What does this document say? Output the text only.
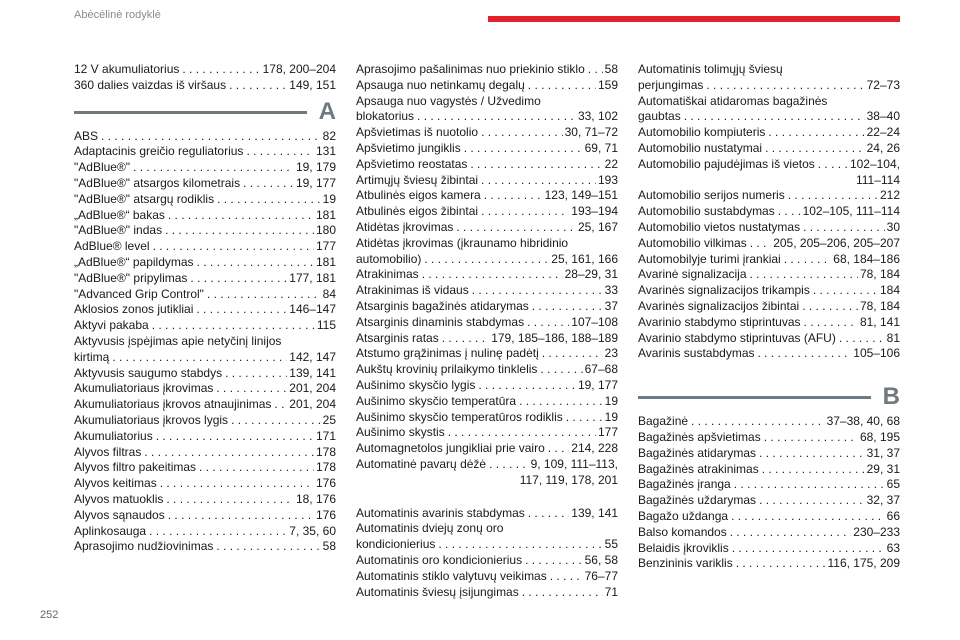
Abėcėlinė rodyklė
12 V akumuliatorius . . .	178, 200–204
360 dalies vaizdas iš viršaus . . .	149, 151
A
ABS . . .	82
Adaptacinis greičio reguliatorius . . .	131
"AdBlue®" . . .	19, 179
"AdBlue®" atsargos kilometrais . . .	19, 177
"AdBlue®" atsargų rodiklis . . .	19
„AdBlue®“ bakas . . .	181
"AdBlue®" indas . . .	180
AdBlue® level . . .	177
„AdBlue®“ papildymas . . .	181
"AdBlue®" pripylimas . . .	177, 181
"Advanced Grip Control" . . .	84
Aklosios zonos jutikliai . . .	146–147
Aktyvi pakaba . . .	115
Aktyvusis įspėjimas apie netyčinį linijos
kirtimą . . .	142, 147
Aktyvusis saugumo stabdys . . .	139, 141
Akumuliatoriaus įkrovimas . . .	201, 204
Akumuliatoriaus įkrovos atnaujinimas . . . 201, 204
Akumuliatoriaus įkrovos lygis . . .	25
Akumuliatorius . . .	171
Alyvos filtras . . .	178
Alyvos filtro pakeitimas . . .	178
Alyvos keitimas . . .	176
Alyvos matuoklis . . .	18, 176
Alyvos sąnaudos . . .	176
Aplinkosauga . . .	7, 35, 60
Aprasojimo nudžiovinimas . . .	58
Aprasojimo pašalinimas nuo priekinio stiklo . . . 58
Apsauga nuo netinkamų degalų . . .	159
Apsauga nuo vagystės / Užvedimo
blokatorius . . .	33, 102
Apšvietimas iš nuotolio . . .	30, 71–72
Apšvietimo jungiklis . . .	69, 71
Apšvietimo reostatas . . .	22
Artimųjų šviesų žibintai . . .	193
Atbulinės eigos kamera . . .	123, 149–151
Atbulinės eigos žibintai . . .	193–194
Atidėtas įkrovimas . . .	25, 167
Atidėtas įkrovimas (įkraunamo hibridinio
automobilio) . . .	25, 161, 166
Atrakinimas . . .	28–29, 31
Atrakinimas iš vidaus . . .	33
Atsarginis bagažinės atidarymas . . .	37
Atsarginis dinaminis stabdymas . . .	107–108
Atsarginis ratas . . .	179, 185–186, 188–189
Atstumo grąžinimas į nulinę padėtį . . .	23
Aukštų krovinių prilaikymo tinklelis . . .	67–68
Aušinimo skysčio lygis . . .	19, 177
Aušinimo skysčio temperatūra . . .	19
Aušinimo skysčio temperatūros rodiklis . . .	19
Aušinimo skystis . . .	177
Automagnetolos jungikliai prie vairo . . . 214, 228
Automatinė pavarų dėžė . . .	9, 109, 111–113,
117, 119, 178, 201
Automatinis avarinis stabdymas . . .	139, 141
Automatinis dviejų zonų oro
kondicionierius . . .	55
Automatinis oro kondicionierius . . .	56, 58
Automatinis stiklo valytuvų veikimas . . .	76–77
Automatinis šviesų įsijungimas . . .	71
Automatinis tolimųjų šviesų
perjungimas . . .	72–73
Automatiškai atidaromas bagažinės
gaubtas . . .	38–40
Automobilio kompiuteris . . .	22–24
Automobilio nustatymai . . .	24, 26
Automobilio pajudėjimas iš vietos . . .	102–104,
111–114
Automobilio serijos numeris . . .	212
Automobilio sustabdymas . . . 102–105, 111–114
Automobilio vietos nustatymas . . .	30
Automobilio vilkimas . . . 205, 205–206, 205–207
Automobilyje turimi įrankiai . . .	68, 184–186
Avarinė signalizacija . . .	78, 184
Avarinės signalizacijos trikampis . . .	184
Avarinės signalizacijos žibintai . . .	78, 184
Avarinio stabdymo stiprintuvas . . .	81, 141
Avarinio stabdymo stiprintuvas (AFU) . . .	81
Avarinis sustabdymas . . .	105–106
B
Bagažinė . . .	37–38, 40, 68
Bagažinės apšvietimas . . .	68, 195
Bagažinės atidarymas . . .	31, 37
Bagažinės atrakinimas . . .	29, 31
Bagažinės įranga . . .	65
Bagažinės uždarymas . . .	32, 37
Bagažo uždanga . . .	66
Balso komandos . . .	230–233
Belaidis įkroviklis . . .	63
Benzininis variklis . . .	116, 175, 209
252
